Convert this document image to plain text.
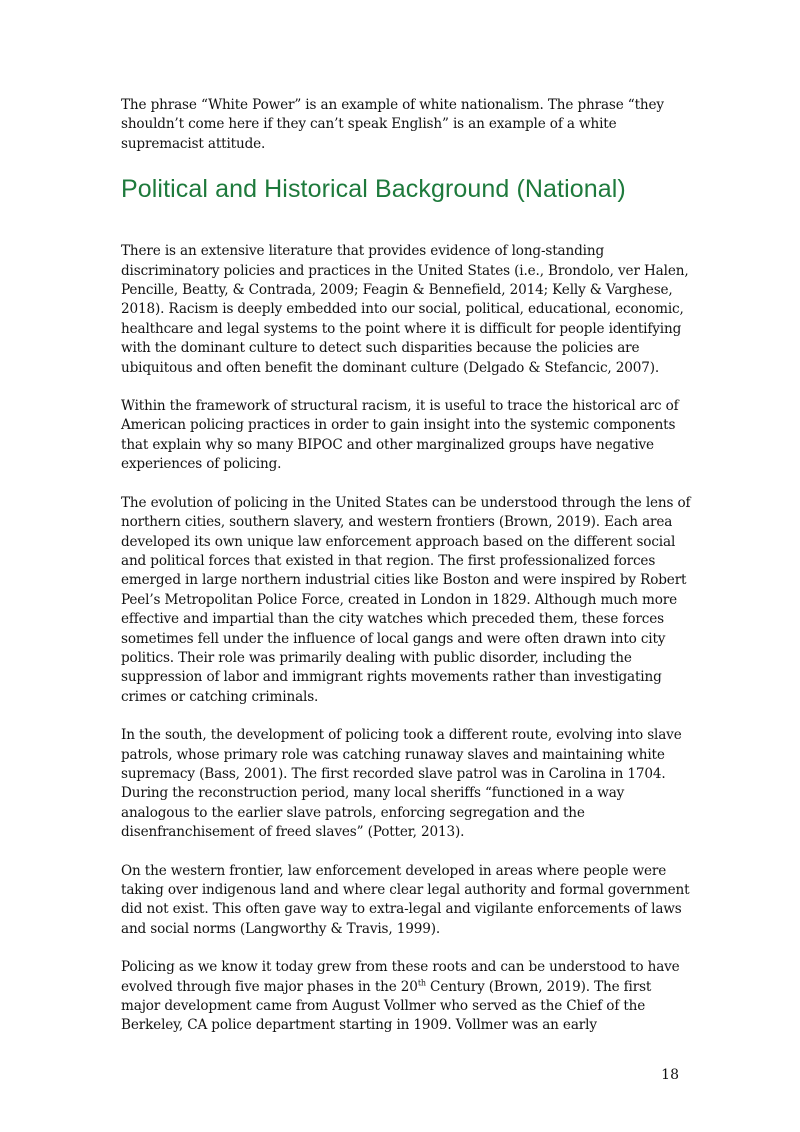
The phrase “White Power” is an example of white nationalism. The phrase “they shouldn’t come here if they can’t speak English” is an example of a white supremacist attitude.

Political and Historical Background (National)

There is an extensive literature that provides evidence of long-standing discriminatory policies and practices in the United States (i.e., Brondolo, ver Halen, Pencille, Beatty, & Contrada, 2009; Feagin & Bennefield, 2014; Kelly & Varghese, 2018). Racism is deeply embedded into our social, political, educational, economic, healthcare and legal systems to the point where it is difficult for people identifying with the dominant culture to detect such disparities because the policies are ubiquitous and often benefit the dominant culture (Delgado & Stefancic, 2007).

Within the framework of structural racism, it is useful to trace the historical arc of American policing practices in order to gain insight into the systemic components that explain why so many BIPOC and other marginalized groups have negative experiences of policing.

The evolution of policing in the United States can be understood through the lens of northern cities, southern slavery, and western frontiers (Brown, 2019). Each area developed its own unique law enforcement approach based on the different social and political forces that existed in that region. The first professionalized forces emerged in large northern industrial cities like Boston and were inspired by Robert Peel’s Metropolitan Police Force, created in London in 1829. Although much more effective and impartial than the city watches which preceded them, these forces sometimes fell under the influence of local gangs and were often drawn into city politics. Their role was primarily dealing with public disorder, including the suppression of labor and immigrant rights movements rather than investigating crimes or catching criminals.

In the south, the development of policing took a different route, evolving into slave patrols, whose primary role was catching runaway slaves and maintaining white supremacy (Bass, 2001). The first recorded slave patrol was in Carolina in 1704. During the reconstruction period, many local sheriffs “functioned in a way analogous to the earlier slave patrols, enforcing segregation and the disenfranchisement of freed slaves” (Potter, 2013).

On the western frontier, law enforcement developed in areas where people were taking over indigenous land and where clear legal authority and formal government did not exist. This often gave way to extra-legal and vigilante enforcements of laws and social norms (Langworthy & Travis, 1999).

Policing as we know it today grew from these roots and can be understood to have evolved through five major phases in the 20th Century (Brown, 2019). The first major development came from August Vollmer who served as the Chief of the Berkeley, CA police department starting in 1909. Vollmer was an early

18
